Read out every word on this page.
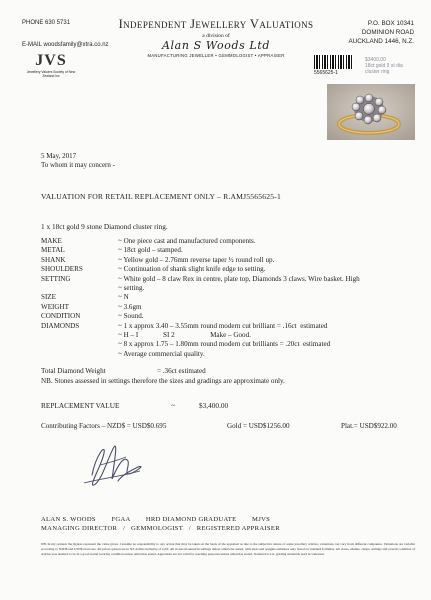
PHONE 630 5731
E-MAIL woodsfamily@xtra.co.nz
JVS
Jewellery Valuers Society of New Zealand Inc
Independent Jewellery Valuations
a division of
Alan S Woods Ltd
MANUFACTURING JEWELLER • GEMMOLOGIST • APPRAISER
P.O. BOX 10341
DOMINION ROAD
AUCKLAND 1446, N.Z.
5565625-1
$3400.00
18ct gold 9 st dia
cluster ring
5 May, 2017
To whom it may concern -
VALUATION FOR RETAIL REPLACEMENT ONLY – R.AMJ5565625-1
1 x 18ct gold 9 stone Diamond cluster ring.
MAKE	~ One piece cast and manufactured components.
METAL	~ 18ct gold – stamped.
SHANK	~ Yellow gold – 2.76mm reverse taper ½ round roll up.
SHOULDERS	~ Continuation of shank slight knife edge to setting.
SETTING	~ White gold – 8 claw Rex in centre, plate top, Diamonds 3 claws. Wire basket. High
	~ setting.
SIZE	~ N
WEIGHT	~ 3.6gm
CONDITION	~ Sound.
DIAMONDS	~ 1 x approx 3.40 – 3.55mm round modern cut brilliant = .16ct  estimated
	~ H – I              SI 2                    Make – Good.
	~ 8 x approx 1.75 – 1.80mm round modern cut brilliants = .20ct  estimated
	~ Average commercial quality.
Total Diamond Weight	= .36ct estimated
NB. Stones assessed in settings therefore the sizes and gradings are approximate only.
REPLACEMENT VALUE	~	$3,400.00
Contributing Factors – NZD$ = USD$0.695	Gold = USD$1256.00	Plat.= USD$922.00
ALAN S. WOODS        FGAA        HRD DIAMOND GRADUATE        MJVS
MANAGING DIRECTOR   /   GEMMOLOGIST   /   REGISTERED APPRAISER
NB. In my opinion the figures represent the value given. I assume no responsibility to any action that may be taken on the basis of the appraisal as due to the subjective nature of some jewellery articles, valuations can vary from different companies. Valuations are variable according to NZD$ and USD$ exsn rate. All prices quoted are in NZ dollars inclusive of GST. All stones mounted in settings unless otherwise stated, with sizes and weights estimates only based on standard formulas. All claws, shanks, clasps, settings and overall condition of articles was deemed to be in a good sound wearing condition unless otherwise stated. Appraisals are not valid for reselling purposes unless otherwise stated. Standard G.I.A. grading standards used in valuation.
